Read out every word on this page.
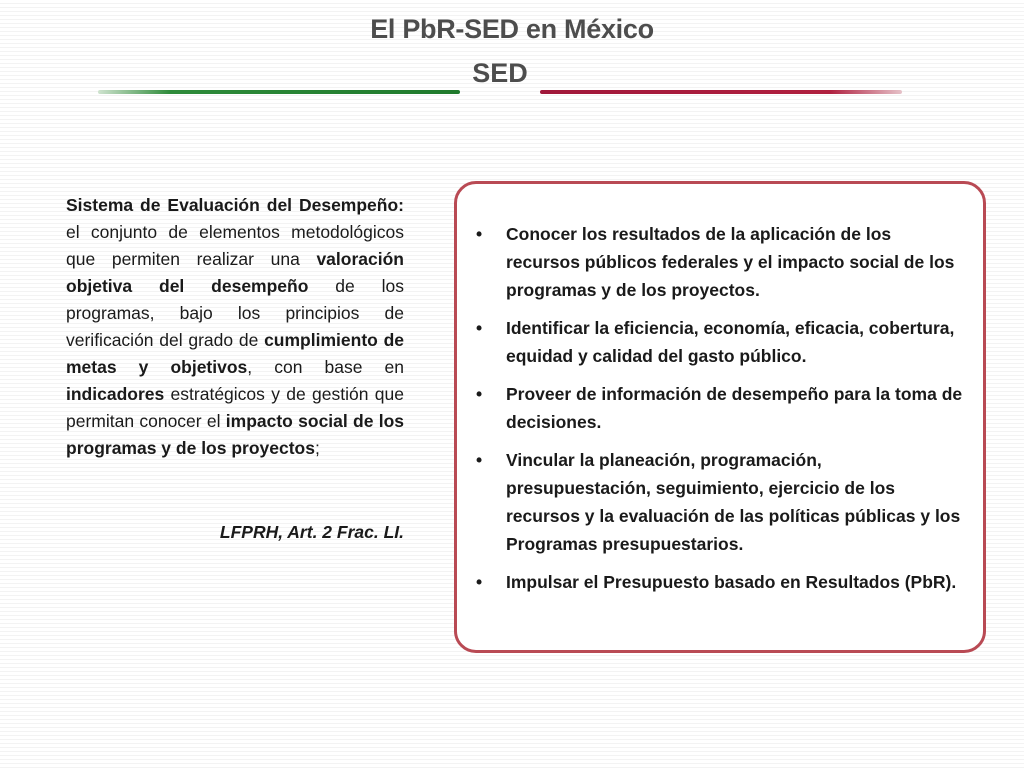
El PbR-SED en México
SED

Sistema de Evaluación del Desempeño: el conjunto de elementos metodológicos que permiten realizar una valoración objetiva del desempeño de los programas, bajo los principios de verificación del grado de cumplimiento de metas y objetivos, con base en indicadores estratégicos y de gestión que permitan conocer el impacto social de los programas y de los proyectos;

LFPRH, Art. 2 Frac. LI.
• Conocer los resultados de la aplicación de los recursos públicos federales y el impacto social de los programas y de los proyectos.
• Identificar la eficiencia, economía, eficacia, cobertura, equidad y calidad del gasto público.
• Proveer de información de desempeño para la toma de decisiones.
• Vincular la planeación, programación, presupuestación, seguimiento, ejercicio de los recursos y la evaluación de las políticas públicas y los Programas presupuestarios.
• Impulsar el Presupuesto basado en Resultados (PbR).
